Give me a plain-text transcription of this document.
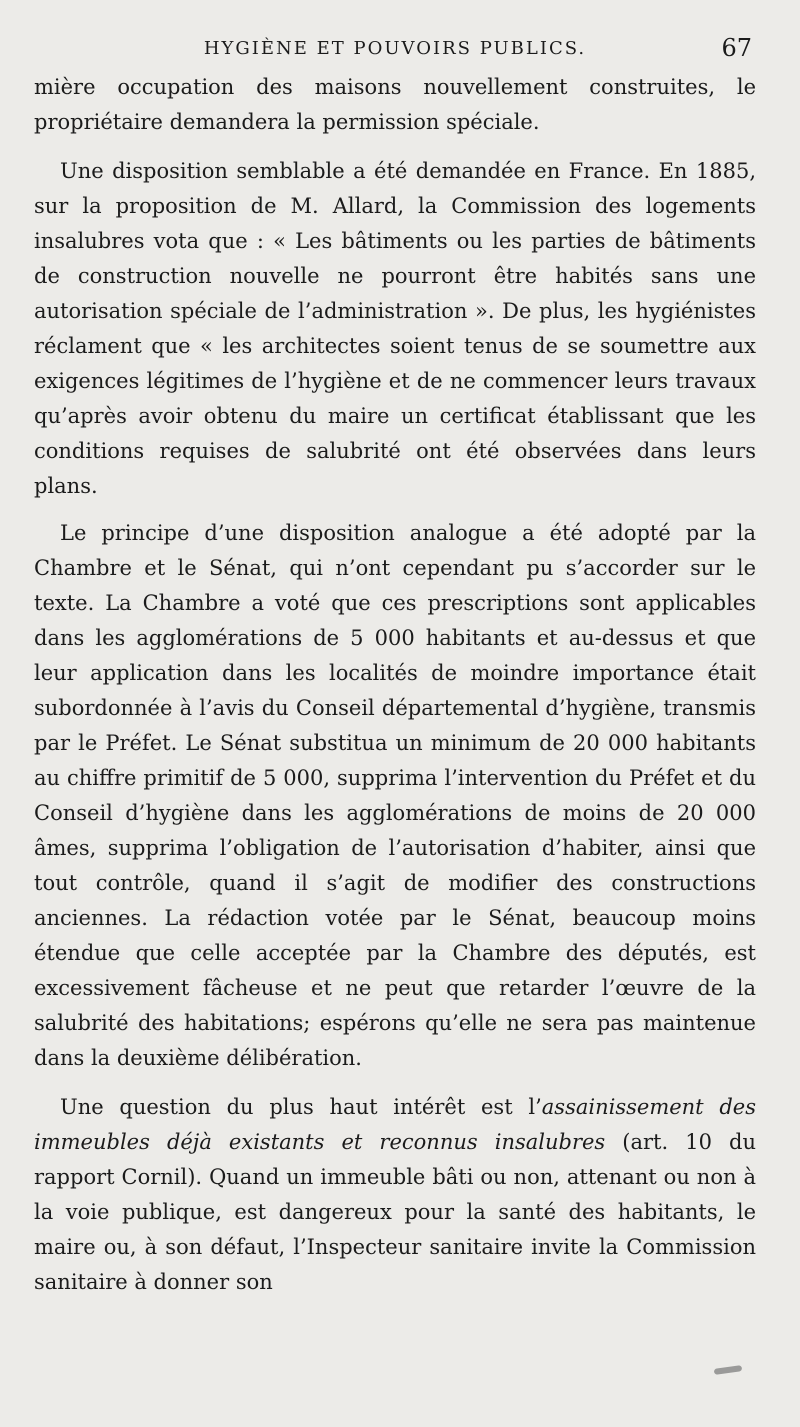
HYGIÈNE ET POUVOIRS PUBLICS.	67

mière occupation des maisons nouvellement construites, le propriétaire demandera la permission spéciale.

Une disposition semblable a été demandée en France. En 1885, sur la proposition de M. Allard, la Commission des logements insalubres vota que : « Les bâtiments ou les parties de bâtiments de construction nouvelle ne pourront être habités sans une autorisation spéciale de l’administration ». De plus, les hygiénistes réclament que « les architectes soient tenus de se soumettre aux exigences légitimes de l’hygiène et de ne commencer leurs travaux qu’après avoir obtenu du maire un certificat établissant que les conditions requises de salubrité ont été observées dans leurs plans.

Le principe d’une disposition analogue a été adopté par la Chambre et le Sénat, qui n’ont cependant pu s’accorder sur le texte. La Chambre a voté que ces prescriptions sont applicables dans les agglomérations de 5 000 habitants et au-dessus et que leur application dans les localités de moindre importance était subordonnée à l’avis du Conseil départemental d’hygiène, transmis par le Préfet. Le Sénat substitua un minimum de 20 000 habitants au chiffre primitif de 5 000, supprima l’intervention du Préfet et du Conseil d’hygiène dans les agglomérations de moins de 20 000 âmes, supprima l’obligation de l’autorisation d’habiter, ainsi que tout contrôle, quand il s’agit de modifier des constructions anciennes. La rédaction votée par le Sénat, beaucoup moins étendue que celle acceptée par la Chambre des députés, est excessivement fâcheuse et ne peut que retarder l’œuvre de la salubrité des habitations; espérons qu’elle ne sera pas maintenue dans la deuxième délibération.

Une question du plus haut intérêt est l’assainissement des immeubles déjà existants et reconnus insalubres (art. 10 du rapport Cornil). Quand un immeuble bâti ou non, attenant ou non à la voie publique, est dangereux pour la santé des habitants, le maire ou, à son défaut, l’Inspecteur sanitaire invite la Commission sanitaire à donner son
